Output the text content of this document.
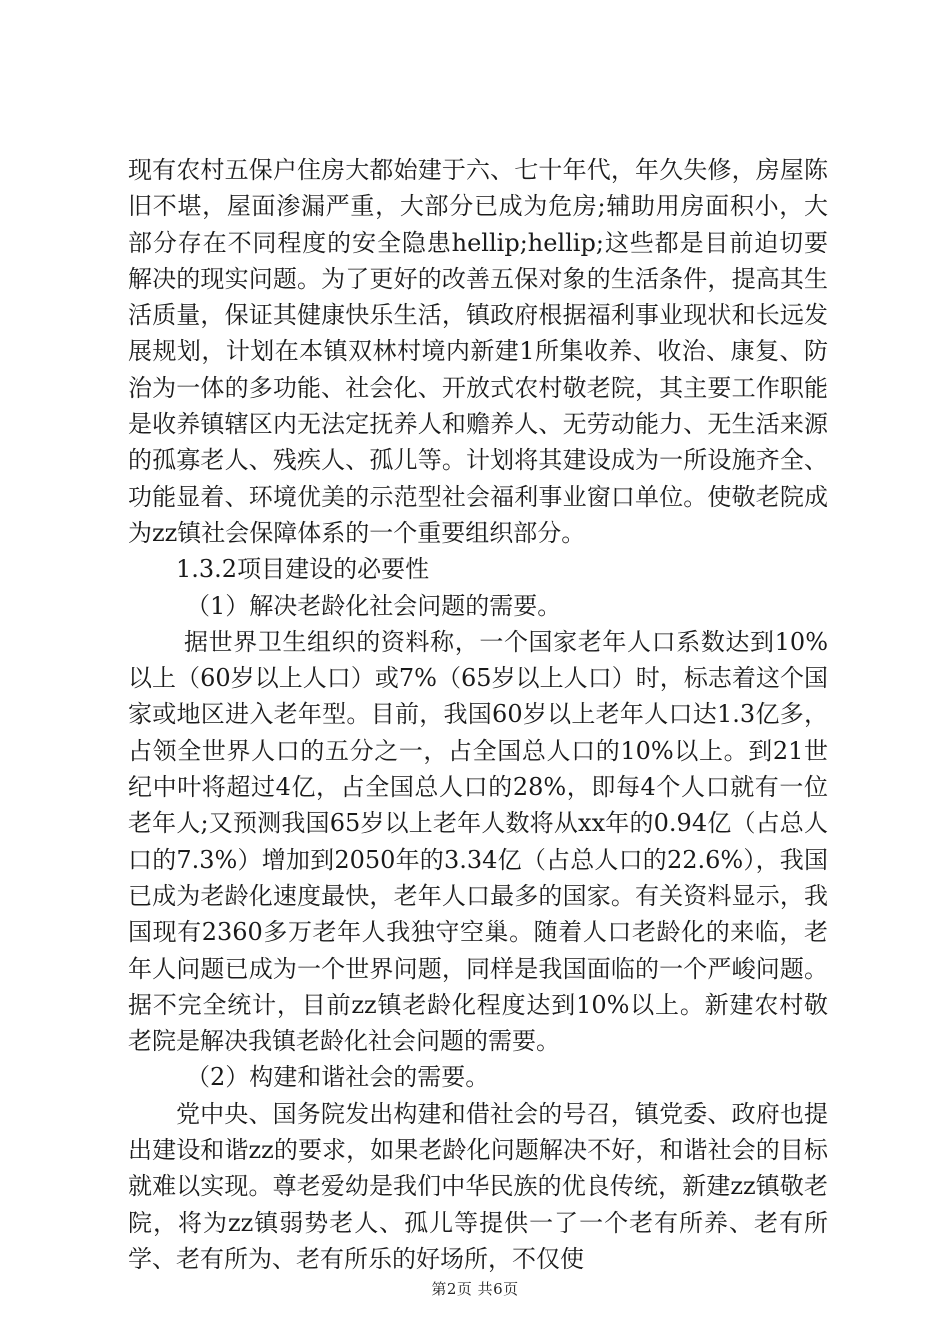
现有农村五保户住房大都始建于六、七十年代，年久失修，房屋陈旧不堪，屋面渗漏严重，大部分已成为危房;辅助用房面积小，大部分存在不同程度的安全隐患hellip;hellip;这些都是目前迫切要解决的现实问题。为了更好的改善五保对象的生活条件，提高其生活质量，保证其健康快乐生活，镇政府根据福利事业现状和长远发展规划，计划在本镇双林村境内新建1所集收养、收治、康复、防治为一体的多功能、社会化、开放式农村敬老院，其主要工作职能是收养镇辖区内无法定抚养人和赡养人、无劳动能力、无生活来源的孤寡老人、残疾人、孤儿等。计划将其建设成为一所设施齐全、功能显着、环境优美的示范型社会福利事业窗口单位。使敬老院成为zz镇社会保障体系的一个重要组织部分。

1.3.2项目建设的必要性

（1）解决老龄化社会问题的需要。

据世界卫生组织的资料称，一个国家老年人口系数达到10%以上（60岁以上人口）或7%（65岁以上人口）时，标志着这个国家或地区进入老年型。目前，我国60岁以上老年人口达1.3亿多，占领全世界人口的五分之一，占全国总人口的10%以上。到21世纪中叶将超过4亿，占全国总人口的28%，即每4个人口就有一位老年人;又预测我国65岁以上老年人数将从xx年的0.94亿（占总人口的7.3%）增加到2050年的3.34亿（占总人口的22.6%），我国已成为老龄化速度最快，老年人口最多的国家。有关资料显示，我国现有2360多万老年人我独守空巢。随着人口老龄化的来临，老年人问题已成为一个世界问题，同样是我国面临的一个严峻问题。据不完全统计，目前zz镇老龄化程度达到10%以上。新建农村敬老院是解决我镇老龄化社会问题的需要。

（2）构建和谐社会的需要。

党中央、国务院发出构建和借社会的号召，镇党委、政府也提出建设和谐zz的要求，如果老龄化问题解决不好，和谐社会的目标就难以实现。尊老爱幼是我们中华民族的优良传统，新建zz镇敬老院，将为zz镇弱势老人、孤儿等提供一了一个老有所养、老有所学、老有所为、老有所乐的好场所，不仅使

第2页 共6页
